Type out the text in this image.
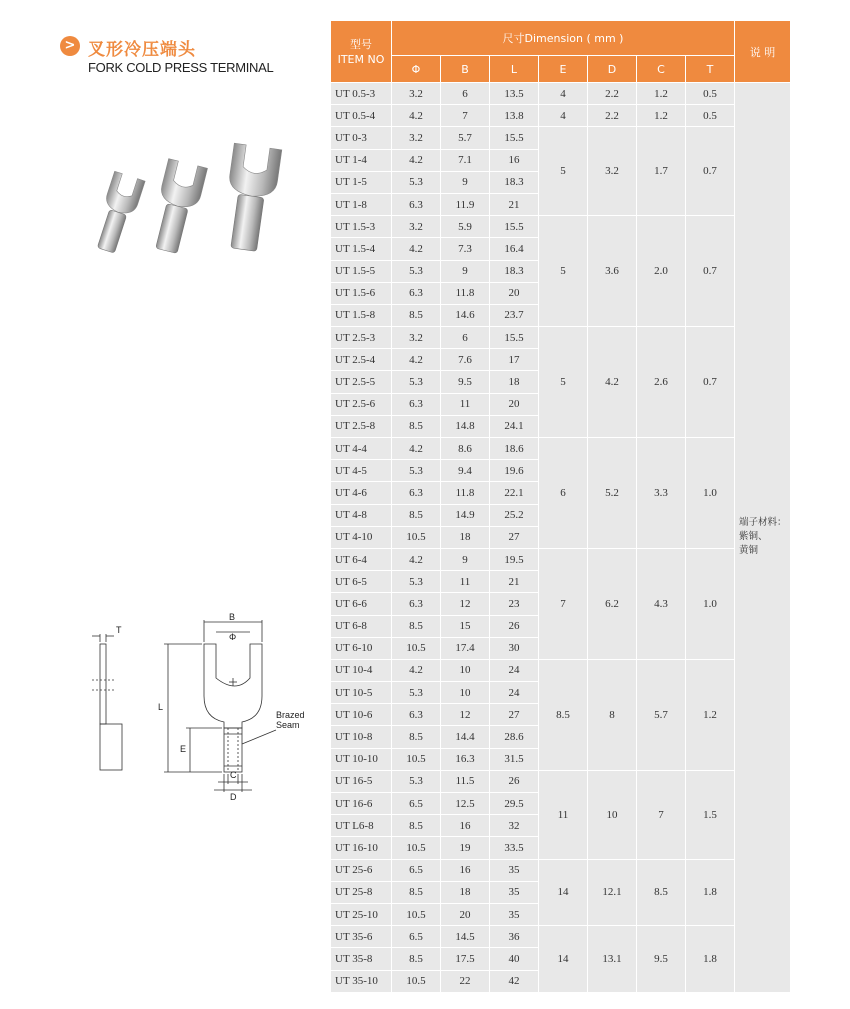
> 叉形冷压端头
FORK COLD PRESS TERMINAL
T
B
Φ
L
E
C
D
Brazed
Seam
型号
ITEM NO	尺寸Dimension ( mm )							说 明
	Φ	B	L	E	D	C	T	
UT 0.5-3	3.2	6	13.5	4	2.2	1.2	0.5	端子材料：
紫铜、
黄铜

UT 0.5-4	4.2	7	13.8	4	2.2	1.2	0.5	
UT 0-3	3.2	5.7	15.5	5	3.2	1.7	0.7	
UT 1-4	4.2	7.1	16					
UT 1-5	5.3	9	18.3					
UT 1-8	6.3	11.9	21					
UT 1.5-3	3.2	5.9	15.5	5	3.6	2.0	0.7	
UT 1.5-4	4.2	7.3	16.4					
UT 1.5-5	5.3	9	18.3					
UT 1.5-6	6.3	11.8	20					
UT 1.5-8	8.5	14.6	23.7					
UT 2.5-3	3.2	6	15.5	5	4.2	2.6	0.7	
UT 2.5-4	4.2	7.6	17					
UT 2.5-5	5.3	9.5	18					
UT 2.5-6	6.3	11	20					
UT 2.5-8	8.5	14.8	24.1					
UT 4-4	4.2	8.6	18.6	6	5.2	3.3	1.0	
UT 4-5	5.3	9.4	19.6					
UT 4-6	6.3	11.8	22.1					
UT 4-8	8.5	14.9	25.2					
UT 4-10	10.5	18	27					
UT 6-4	4.2	9	19.5	7	6.2	4.3	1.0	
UT 6-5	5.3	11	21					
UT 6-6	6.3	12	23					
UT 6-8	8.5	15	26					
UT 6-10	10.5	17.4	30					
UT 10-4	4.2	10	24	8.5	8	5.7	1.2	
UT 10-5	5.3	10	24					
UT 10-6	6.3	12	27					
UT 10-8	8.5	14.4	28.6					
UT 10-10	10.5	16.3	31.5					
UT 16-5	5.3	11.5	26	11	10	7	1.5	
UT 16-6	6.5	12.5	29.5					
UT L6-8	8.5	16	32					
UT 16-10	10.5	19	33.5					
UT 25-6	6.5	16	35	14	12.1	8.5	1.8	
UT 25-8	8.5	18	35					
UT 25-10	10.5	20	35					
UT 35-6	6.5	14.5	36	14	13.1	9.5	1.8	
UT 35-8	8.5	17.5	40					
UT 35-10	10.5	22	42					
